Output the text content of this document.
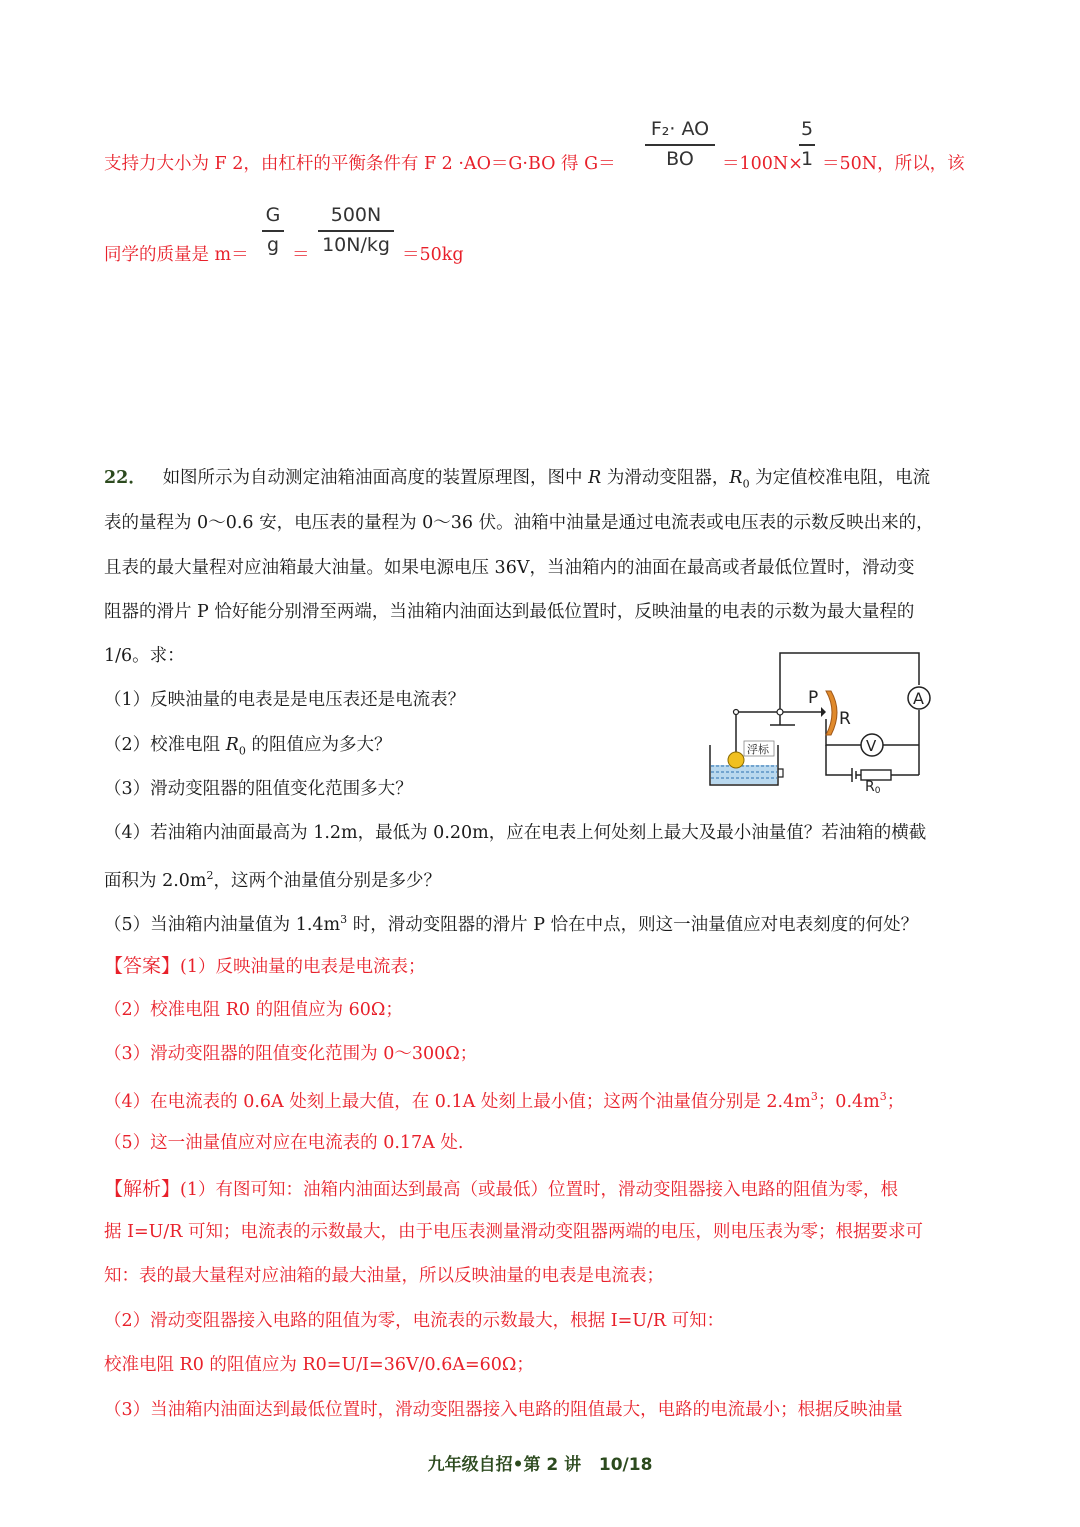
支持力大小为 F 2，由杠杆的平衡条件有 F 2 ·AO＝G·BO 得 G＝
F₂· AO
BO	＝100N×
5
1 ＝50N，所以，该
同学的质量是 m＝
G
g ＝
500N
10N/kg ＝50kg
22． 如图所示为自动测定油箱油面高度的装置原理图，图中 R 为滑动变阻器，$R_0$ 为定值校准电阻，电流
表的量程为 0～0.6 安，电压表的量程为 0～36 伏。油箱中油量是通过电流表或电压表的示数反映出来的，
且表的最大量程对应油箱最大油量。如果电源电压 36V，当油箱内的油面在最高或者最低位置时，滑动变
阻器的滑片 P 恰好能分别滑至两端，当油箱内油面达到最低位置时，反映油量的电表的示数为最大量程的
1/6。求：
（1）反映油量的电表是是电压表还是电流表？
（2）校准电阻 $R_0$ 的阻值应为多大？
（3）滑动变阻器的阻值变化范围多大？
（4）若油箱内油面最高为 1.2m，最低为 0.20m，应在电表上何处刻上最大及最小油量值？若油箱的横截
面积为 $2.0m^2$，这两个油量值分别是多少？
（5）当油箱内油量值为 $1.4m^3$ 时，滑动变阻器的滑片 P 恰在中点，则这一油量值应对电表刻度的何处？
浮标
P
R
A
V
R0
【答案】(1）反映油量的电表是电流表；
（2）校准电阻 R0 的阻值应为 60Ω；
（3）滑动变阻器的阻值变化范围为 0～300Ω；
（4）在电流表的 0.6A 处刻上最大值，在 0.1A 处刻上最小值；这两个油量值分别是 $2.4m^3$；$0.4m^3$；
（5）这一油量值应对应在电流表的 0.17A 处.
【解析】(1）有图可知：油箱内油面达到最高（或最低）位置时，滑动变阻器接入电路的阻值为零，根
据 I=U/R 可知；电流表的示数最大，由于电压表测量滑动变阻器两端的电压，则电压表为零；根据要求可
知：表的最大量程对应油箱的最大油量，所以反映油量的电表是电流表；
（2）滑动变阻器接入电路的阻值为零，电流表的示数最大，根据 I=U/R 可知：
校准电阻 R0 的阻值应为 R0=U/I=36V/0.6A=60Ω；
（3）当油箱内油面达到最低位置时，滑动变阻器接入电路的阻值最大，电路的电流最小；根据反映油量
九年级自招•第 2 讲 10/18
